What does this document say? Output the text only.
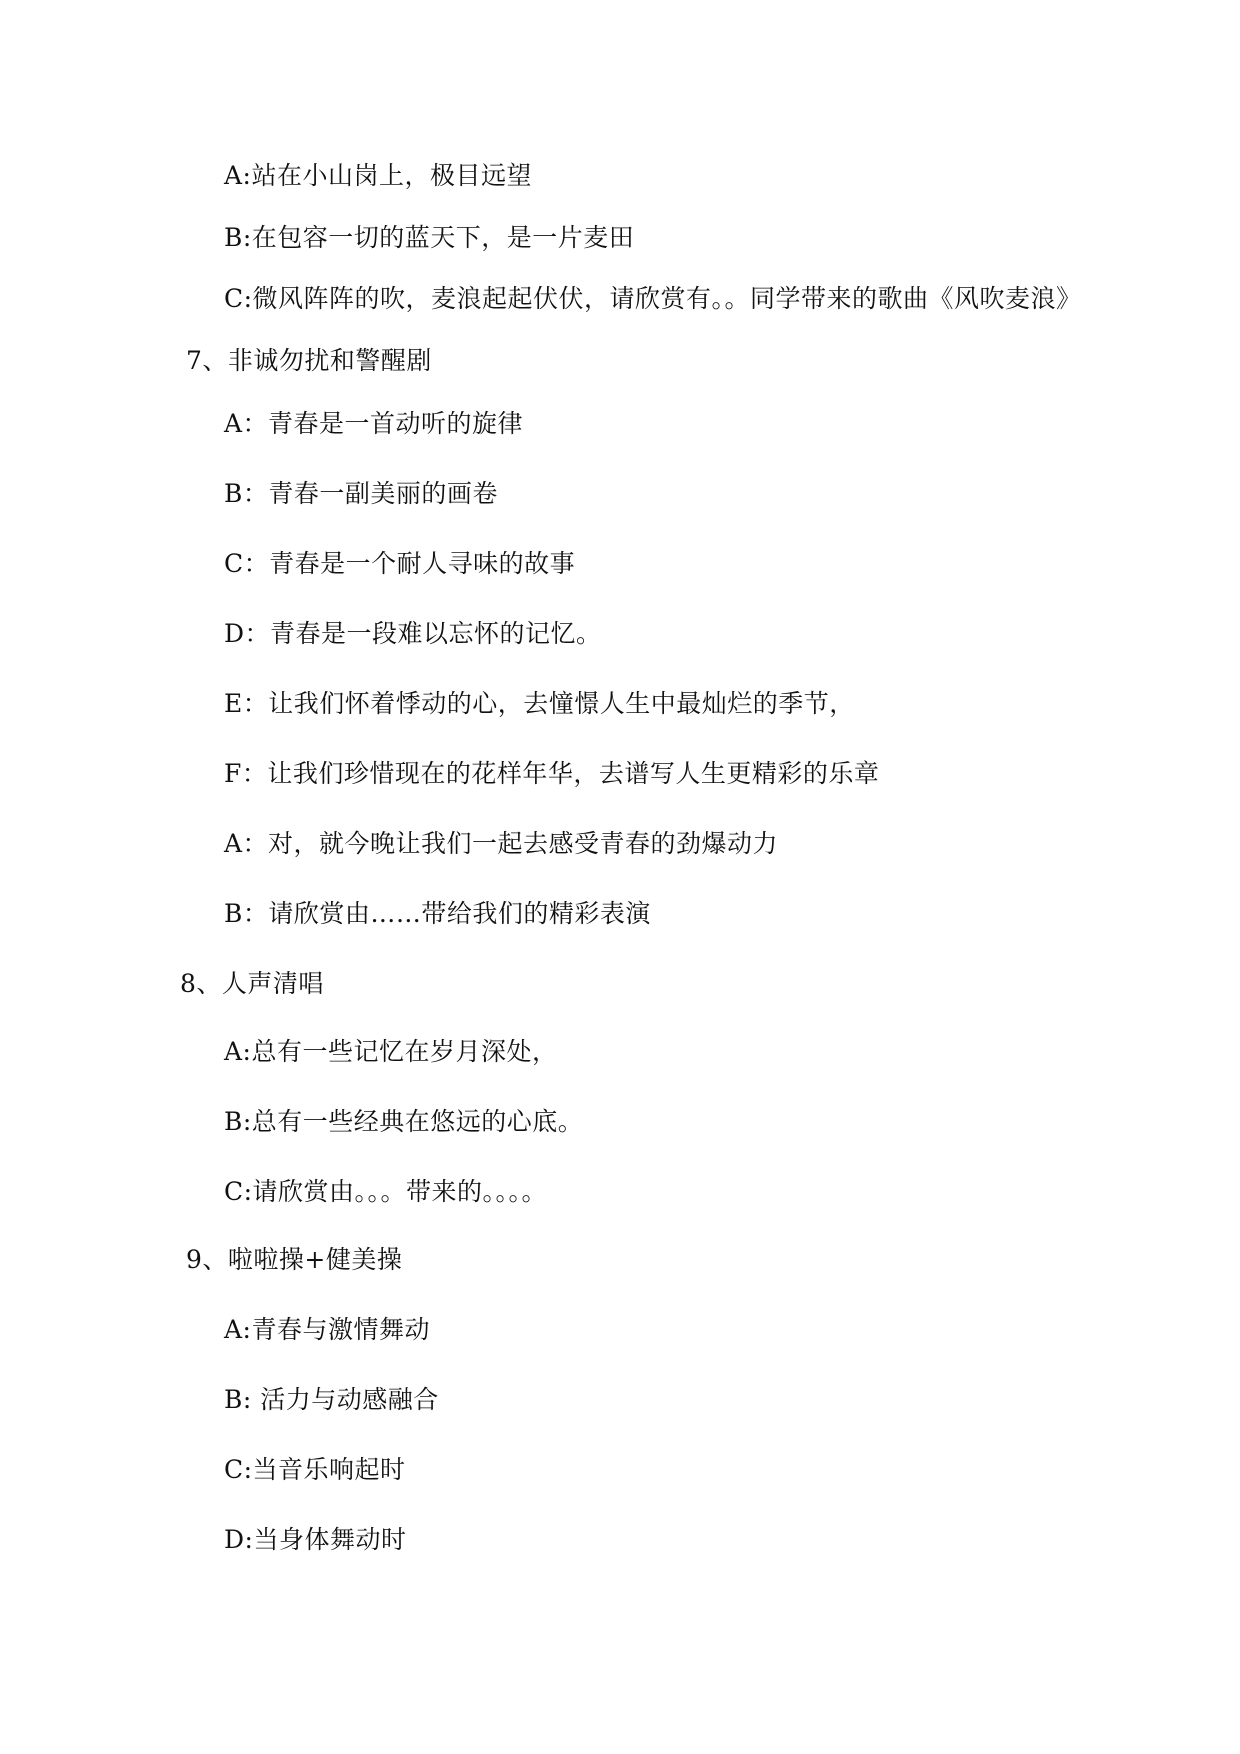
A:站在小山岗上，极目远望
B:在包容一切的蓝天下，是一片麦田
C:微风阵阵的吹，麦浪起起伏伏，请欣赏有。。同学带来的歌曲《风吹麦浪》
7、非诚勿扰和警醒剧
A：青春是一首动听的旋律
B：青春一副美丽的画卷
C：青春是一个耐人寻味的故事
D：青春是一段难以忘怀的记忆。
E：让我们怀着悸动的心，去憧憬人生中最灿烂的季节，
F：让我们珍惜现在的花样年华，去谱写人生更精彩的乐章
A：对，就今晚让我们一起去感受青春的劲爆动力
B：请欣赏由……带给我们的精彩表演
8、人声清唱
A:总有一些记忆在岁月深处，
B:总有一些经典在悠远的心底。
C:请欣赏由。。。带来的。。。。
9、啦啦操+健美操
A:青春与激情舞动
B: 活力与动感融合
C:当音乐响起时
D:当身体舞动时
